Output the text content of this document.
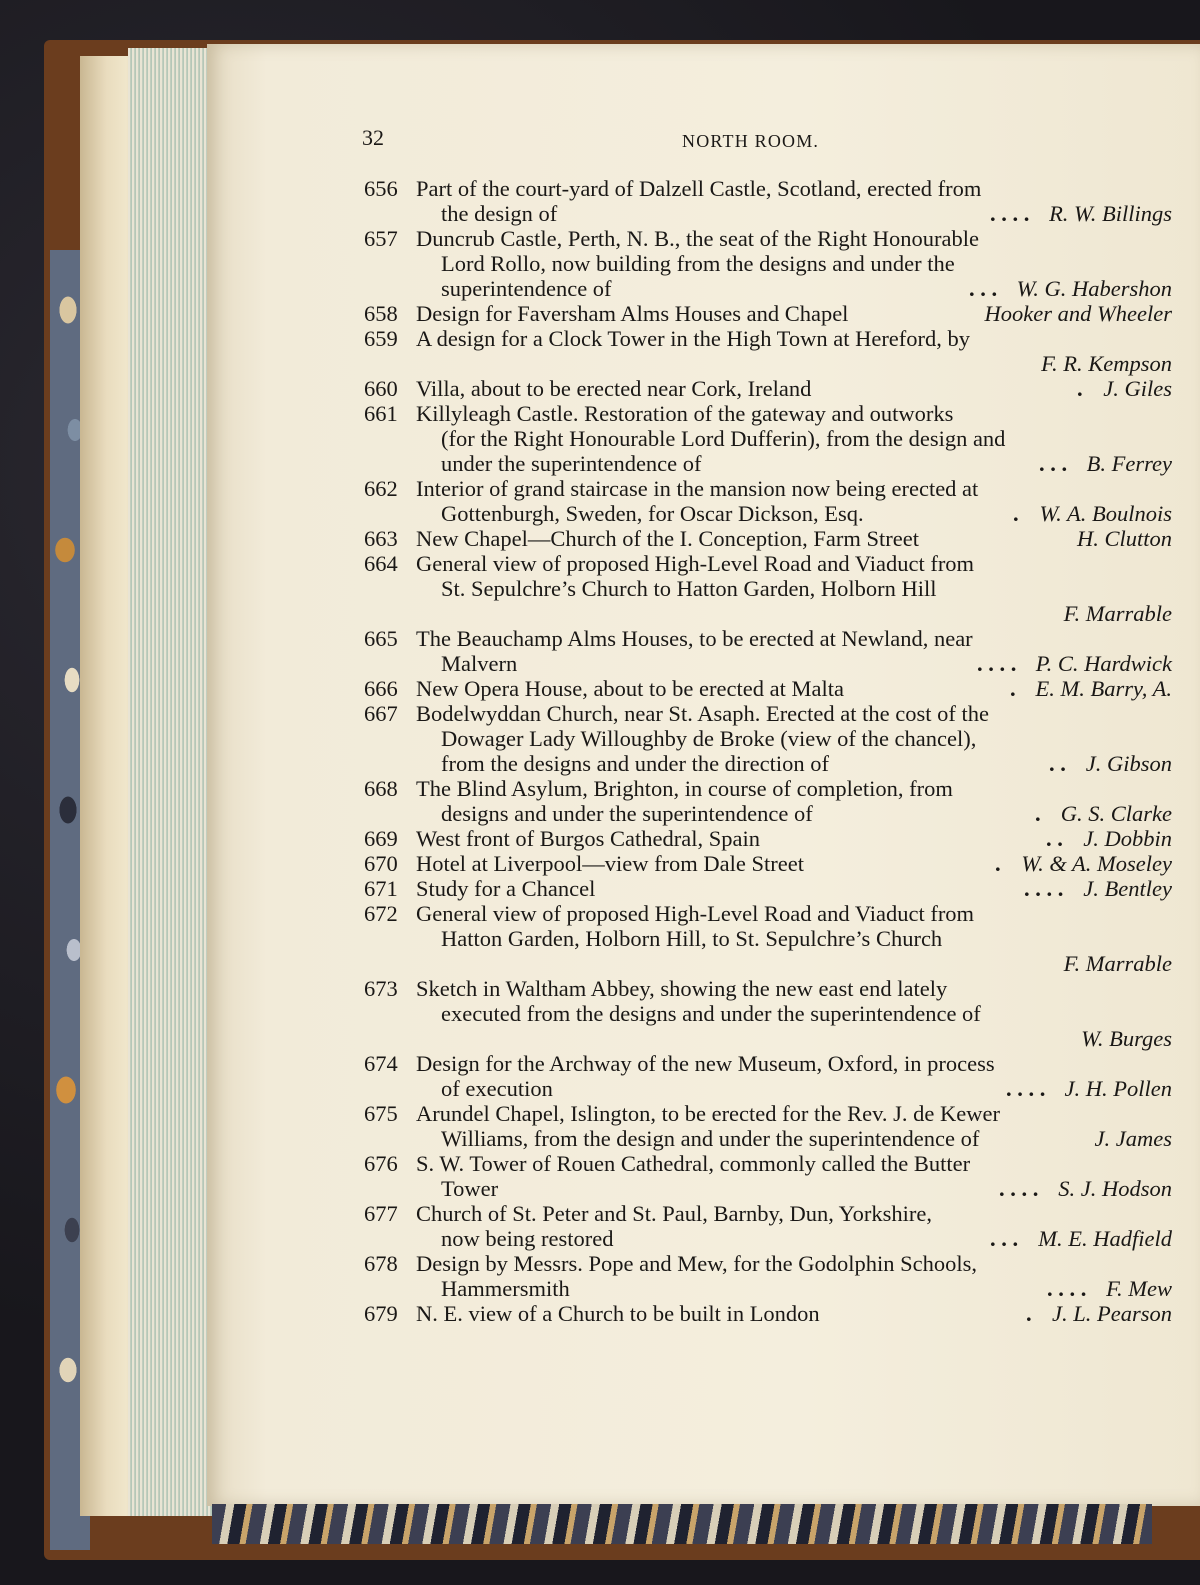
32	NORTH ROOM.
656 Part of the court-yard of Dalzell Castle, Scotland, erected from
the design of	. . . . R. W. Billings
657 Duncrub Castle, Perth, N. B., the seat of the Right Honourable
Lord Rollo, now building from the designs and under the
superintendence of	. . . W. G. Habershon
658 Design for Faversham Alms Houses and Chapel	Hooker and Wheeler
659 A design for a Clock Tower in the High Town at Hereford, by
F. R. Kempson
660 Villa, about to be erected near Cork, Ireland	. J. Giles
661 Killyleagh Castle. Restoration of the gateway and outworks
(for the Right Honourable Lord Dufferin), from the design and
under the superintendence of	. . . B. Ferrey
662 Interior of grand staircase in the mansion now being erected at
Gottenburgh, Sweden, for Oscar Dickson, Esq.	. W. A. Boulnois
663 New Chapel—Church of the I. Conception, Farm Street	H. Clutton
664 General view of proposed High-Level Road and Viaduct from
St. Sepulchre’s Church to Hatton Garden, Holborn Hill
F. Marrable
665 The Beauchamp Alms Houses, to be erected at Newland, near
Malvern	. . . . P. C. Hardwick
666 New Opera House, about to be erected at Malta	. E. M. Barry, A.
667 Bodelwyddan Church, near St. Asaph. Erected at the cost of the
Dowager Lady Willoughby de Broke (view of the chancel),
from the designs and under the direction of	. . J. Gibson
668 The Blind Asylum, Brighton, in course of completion, from
designs and under the superintendence of	. G. S. Clarke
669 West front of Burgos Cathedral, Spain	. . J. Dobbin
670 Hotel at Liverpool—view from Dale Street	. W. & A. Moseley
671 Study for a Chancel	. . . . J. Bentley
672 General view of proposed High-Level Road and Viaduct from
Hatton Garden, Holborn Hill, to St. Sepulchre’s Church
F. Marrable
673 Sketch in Waltham Abbey, showing the new east end lately
executed from the designs and under the superintendence of
W. Burges
674 Design for the Archway of the new Museum, Oxford, in process
of execution	. . . . J. H. Pollen
675 Arundel Chapel, Islington, to be erected for the Rev. J. de Kewer
Williams, from the design and under the superintendence of	J. James
676 S. W. Tower of Rouen Cathedral, commonly called the Butter
Tower	. . . . S. J. Hodson
677 Church of St. Peter and St. Paul, Barnby, Dun, Yorkshire,
now being restored	. . . M. E. Hadfield
678 Design by Messrs. Pope and Mew, for the Godolphin Schools,
Hammersmith	. . . . F. Mew
679 N. E. view of a Church to be built in London	. J. L. Pearson
